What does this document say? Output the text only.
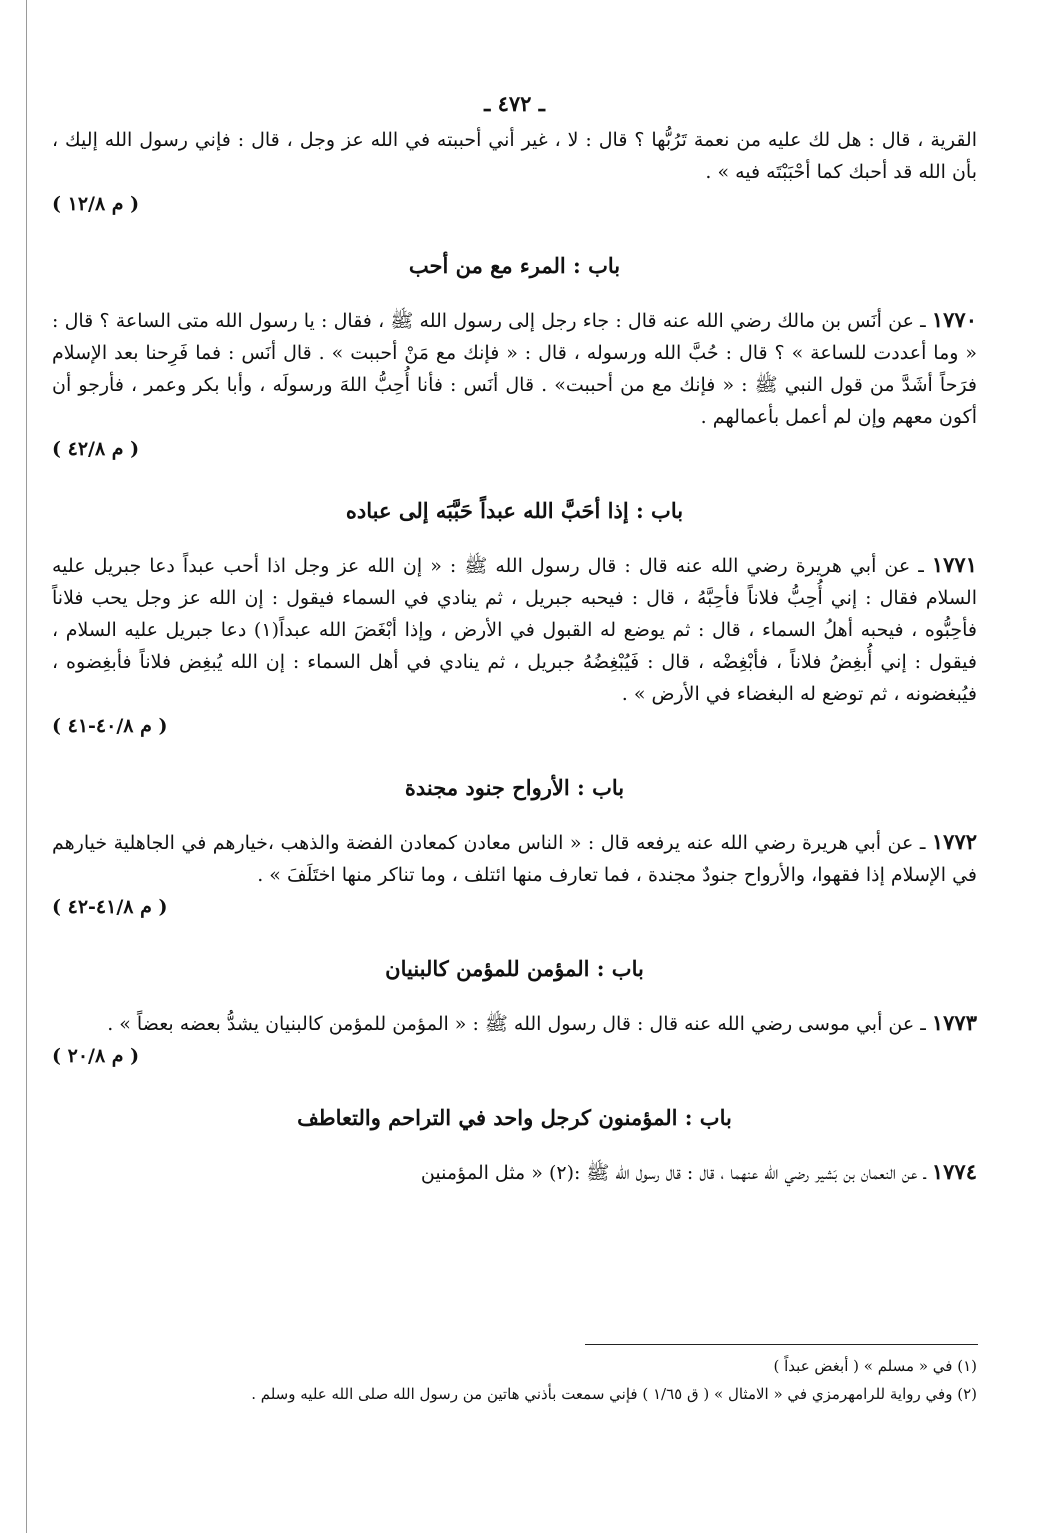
ـ ٤٧٢ ـ

القرية ، قال : هل لك عليه من نعمة تَرُبُّها ؟ قال : لا ، غير أني أحببته في الله عز وجل ، قال : فإني رسول الله إليك ، بأن الله قد أحبك كما أحْبَبْتَه فيه » .

( م ١٢/٨ )

باب : المرء مع من أحب

١٧٧٠ ـ عن أنَس بن مالك رضي الله عنه قال : جاء رجل إلى رسول الله ﷺ ، فقال : يا رسول الله متى الساعة ؟ قال : « وما أعددت للساعة » ؟ قال : حُبَّ الله ورسوله ، قال : « فإنك مع مَنْ أحببت » . قال أنَس : فما فَرِحنا بعد الإسلام فرَحاً أشَدَّ من قول النبي ﷺ : « فإنك مع من أحببت» . قال أنَس : فأنا أُحِبُّ اللهَ ورسولَه ، وأبا بكر وعمر ، فأرجو أن أكون معهم وإن لم أعمل بأعمالهم .

( م ٤٢/٨ )

باب : إذا أحَبَّ الله عبداً حَبَّبَه إلى عباده

١٧٧١ ـ عن أبي هريرة رضي الله عنه قال : قال رسول الله ﷺ : « إن الله عز وجل اذا أحب عبداً دعا جبريل عليه السلام فقال : إني أُحِبُّ فلاناً فأحِبَّهُ ، قال : فيحبه جبريل ، ثم ينادي في السماء فيقول : إن الله عز وجل يحب فلاناً فأحِبُّوه ، فيحبه أهلُ السماء ، قال : ثم يوضع له القبول في الأرض ، وإذا أبْغَضَ الله عبداً(١) دعا جبريل عليه السلام ، فيقول : إني أُبغِضُ فلاناً ، فأبْغِضْه ، قال : فَيُبْغِضُهُ جبريل ، ثم ينادي في أهل السماء : إن الله يُبغِض فلاناً فأبغِضوه ، فيُبغضونه ، ثم توضع له البغضاء في الأرض » .

( م ٤٠/٨-٤١ )

باب : الأرواح جنود مجندة

١٧٧٢ ـ عن أبي هريرة رضي الله عنه يرفعه قال : « الناس معادن كمعادن الفضة والذهب ،خيارهم في الجاهلية خيارهم في الإسلام إذا فقهوا، والأرواح جنودٌ مجندة ، فما تعارف منها ائتلف ، وما تناكر منها اختَلَفَ » .

( م ٤١/٨-٤٢ )

باب : المؤمن للمؤمن كالبنيان

١٧٧٣ ـ عن أبي موسى رضي الله عنه قال : قال رسول الله ﷺ : « المؤمن للمؤمن كالبنيان يشدُّ بعضه بعضاً » .

( م ٢٠/٨ )

باب : المؤمنون كرجل واحد في التراحم والتعاطف

١٧٧٤ ـ عن النعمان بن بَشير رضي الله عنهما ، قال : قال رسول الله ﷺ :(٢) « مثل المؤمنين

(١) في « مسلم » ( أبغض عبداً )

(٢) وفي رواية للرامهرمزي في « الامثال » ( ق ١/٦٥ ) فإني سمعت بأذني هاتين من رسول الله صلى الله عليه وسلم .
